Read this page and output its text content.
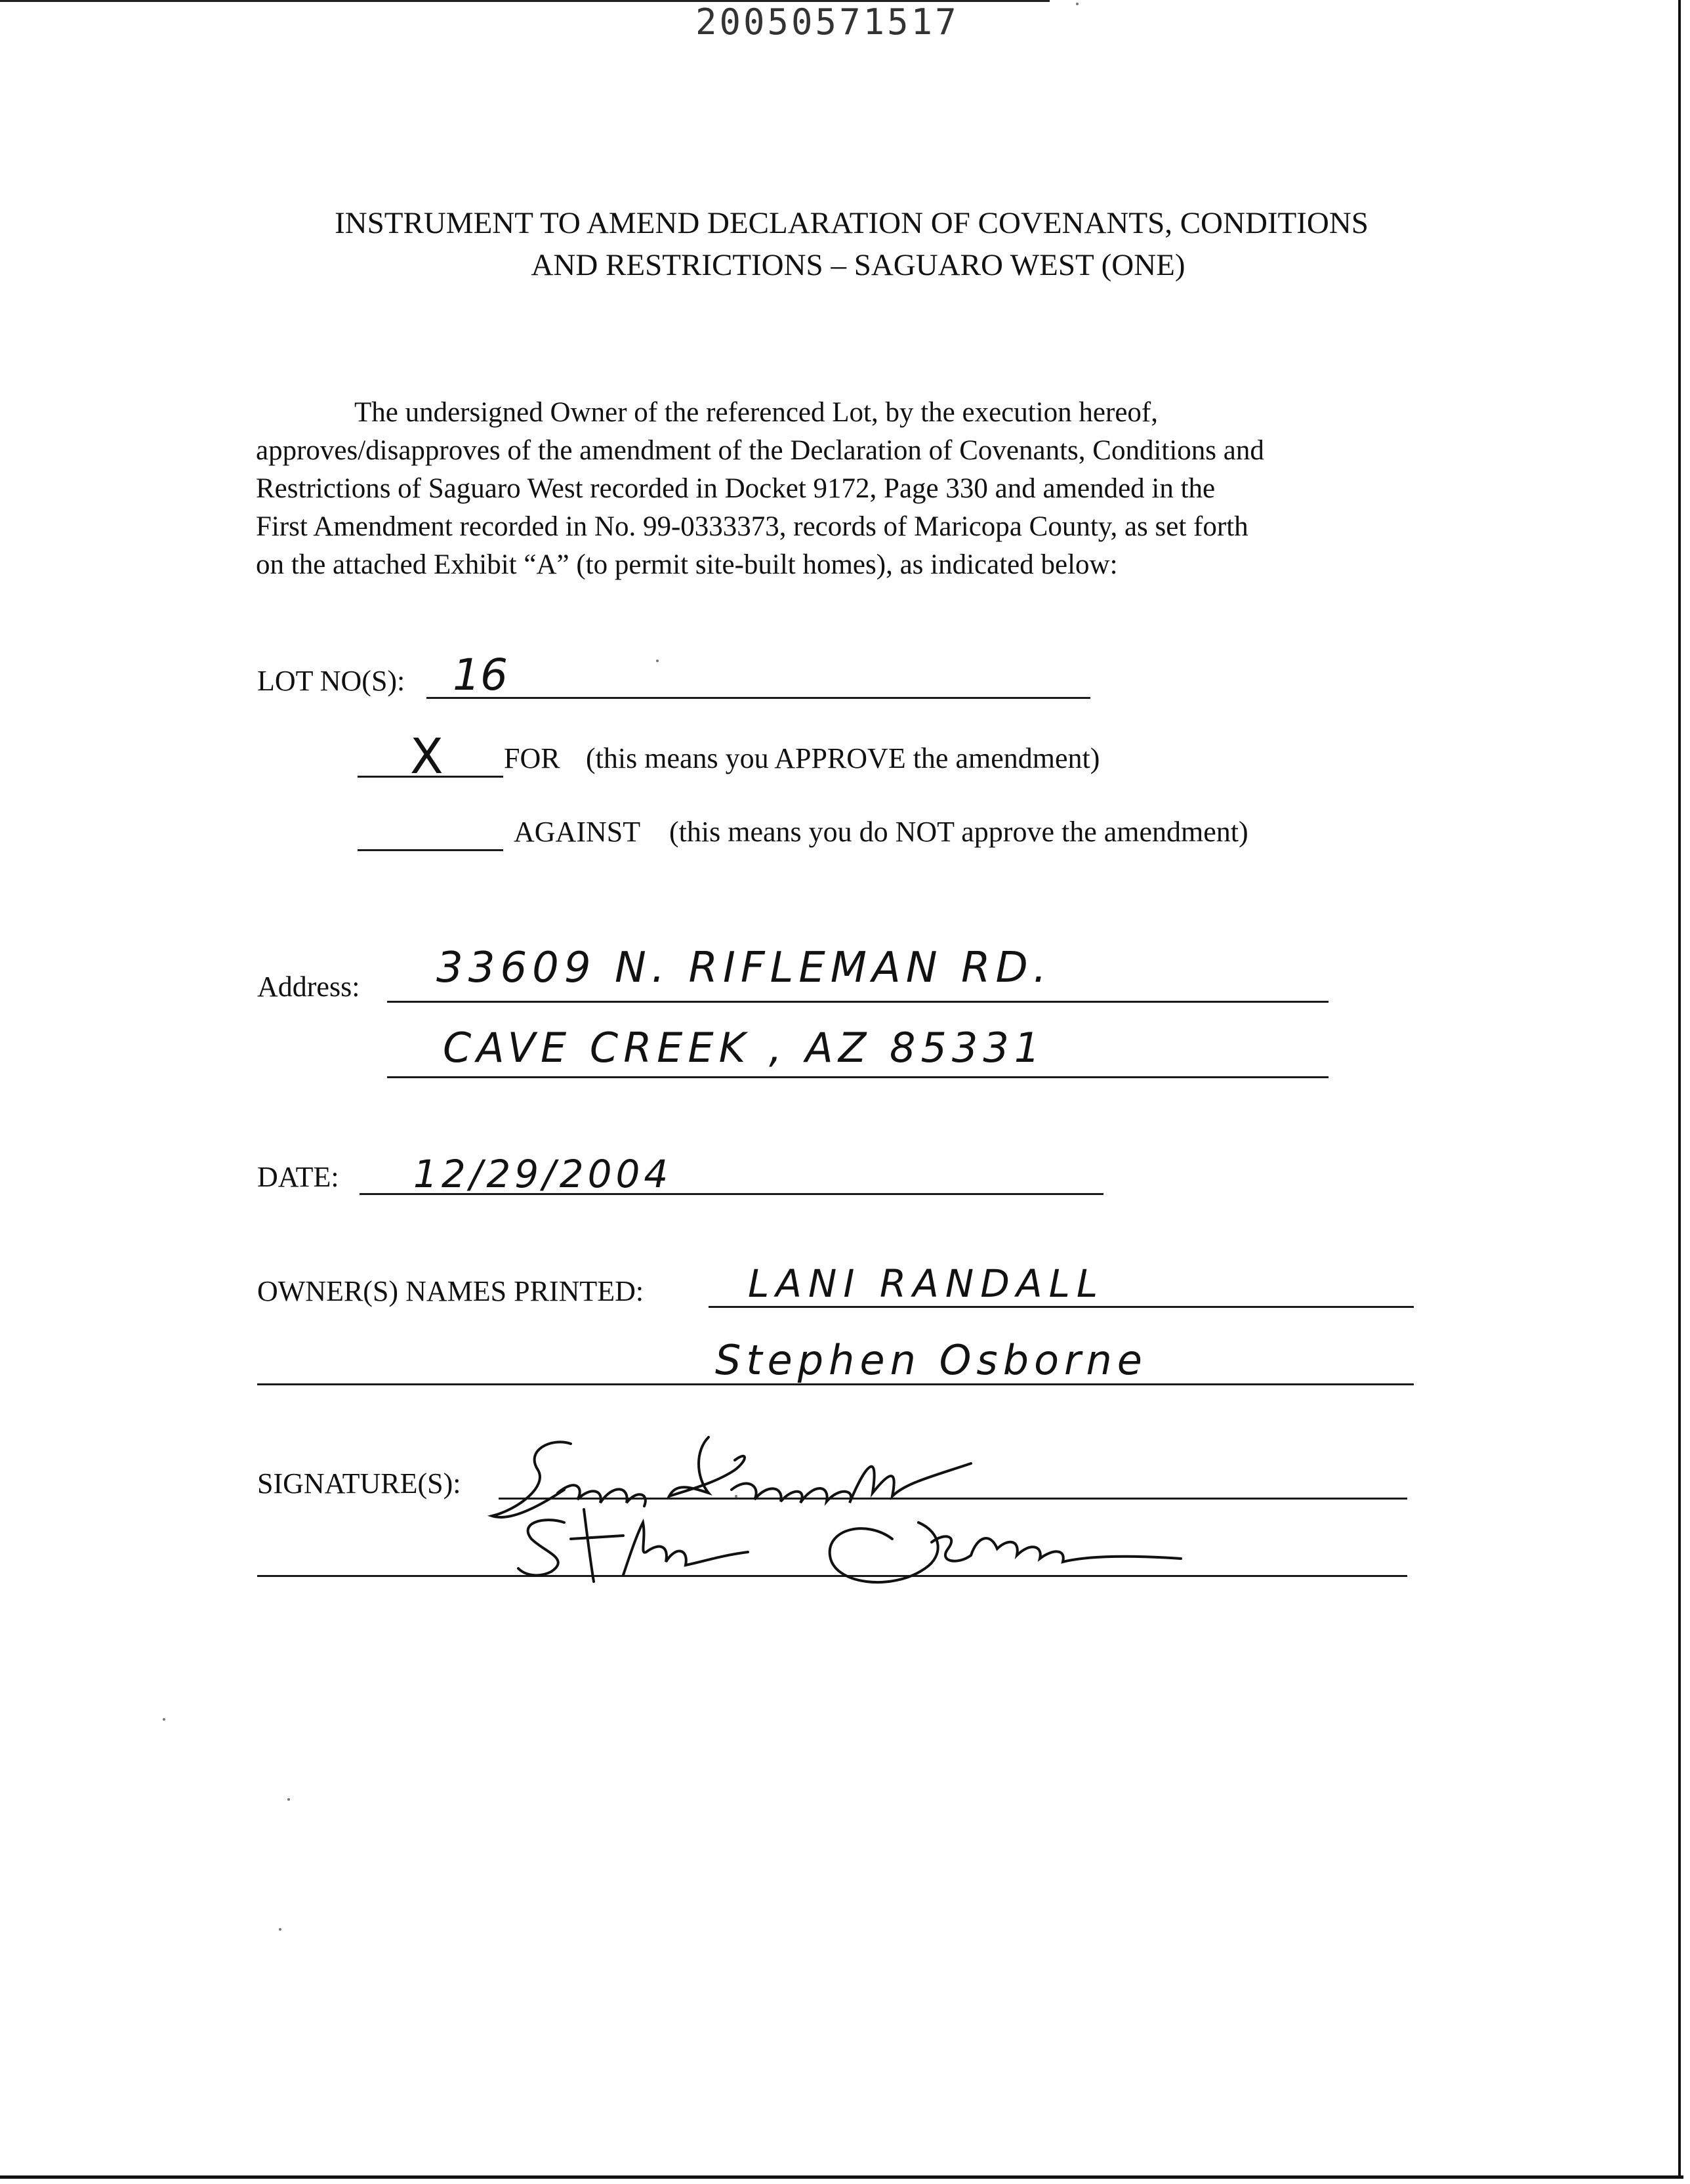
20050571517
INSTRUMENT TO AMEND DECLARATION OF COVENANTS, CONDITIONS
AND RESTRICTIONS – SAGUARO WEST (ONE)
The undersigned Owner of the referenced Lot, by the execution hereof,
approves/disapproves of the amendment of the Declaration of Covenants, Conditions and
Restrictions of Saguaro West recorded in Docket 9172, Page 330 and amended in the
First Amendment recorded in No. 99-0333373, records of Maricopa County, as set forth
on the attached Exhibit “A” (to permit site-built homes), as indicated below:
LOT NO(S): 16
X FOR (this means you APPROVE the amendment)
AGAINST (this means you do NOT approve the amendment)
Address: 33609 N. RIFLEMAN RD.
CAVE CREEK , AZ 85331
DATE: 12/29/2004
OWNER(S) NAMES PRINTED:	LANI RANDALL
Stephen Osborne
SIGNATURE(S):
